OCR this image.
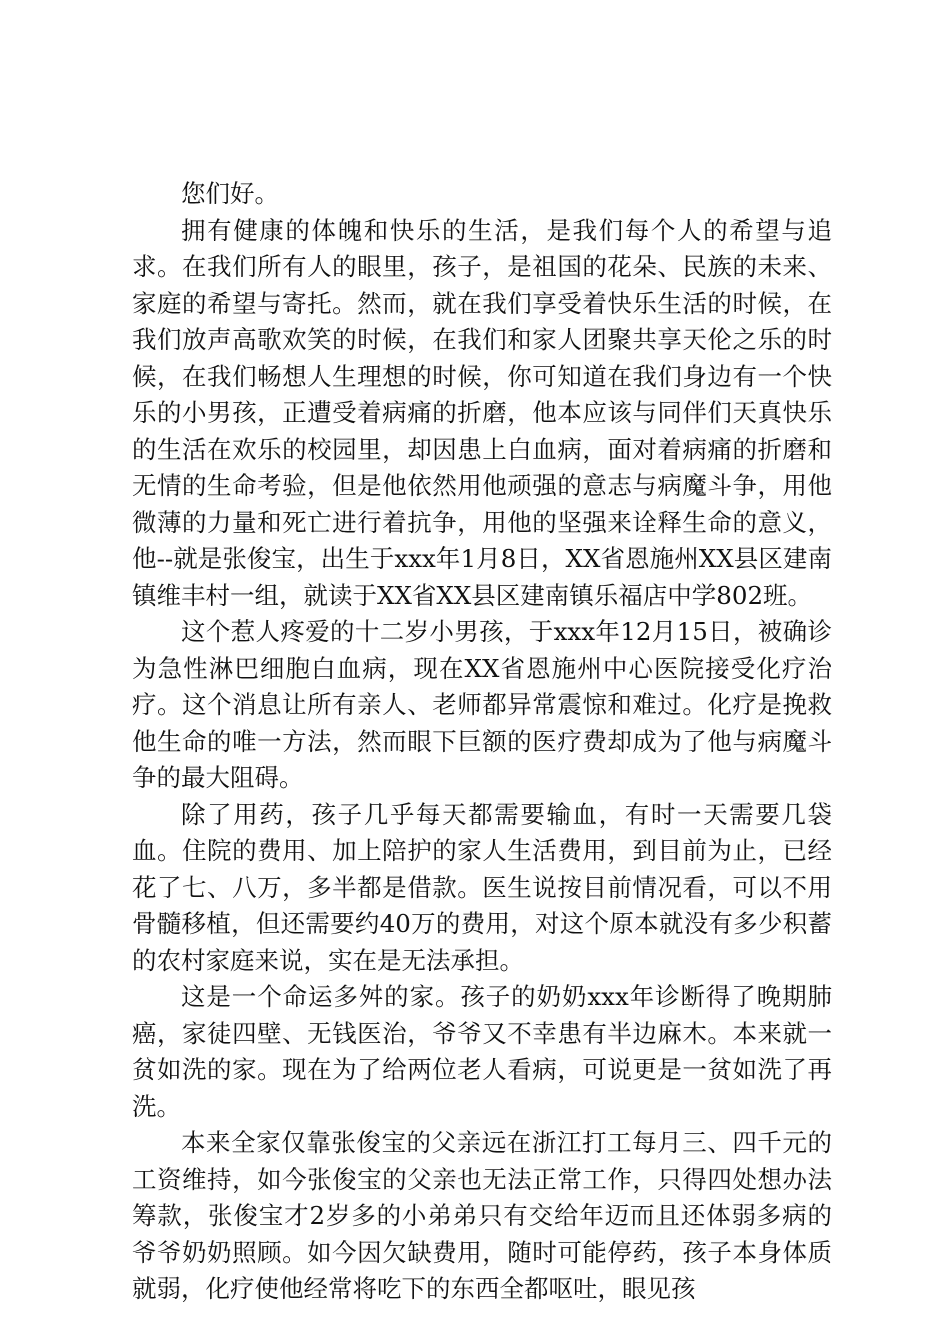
您们好。

拥有健康的体魄和快乐的生活，是我们每个人的希望与追求。在我们所有人的眼里，孩子，是祖国的花朵、民族的未来、家庭的希望与寄托。然而，就在我们享受着快乐生活的时候，在我们放声高歌欢笑的时候，在我们和家人团聚共享天伦之乐的时候，在我们畅想人生理想的时候，你可知道在我们身边有一个快乐的小男孩，正遭受着病痛的折磨，他本应该与同伴们天真快乐的生活在欢乐的校园里，却因患上白血病，面对着病痛的折磨和无情的生命考验，但是他依然用他顽强的意志与病魔斗争，用他微薄的力量和死亡进行着抗争，用他的坚强来诠释生命的意义，他--就是张俊宝，出生于xxx年1月8日，XX省恩施州XX县区建南镇维丰村一组，就读于XX省XX县区建南镇乐福店中学802班。

这个惹人疼爱的十二岁小男孩，于xxx年12月15日，被确诊为急性淋巴细胞白血病，现在XX省恩施州中心医院接受化疗治疗。这个消息让所有亲人、老师都异常震惊和难过。化疗是挽救他生命的唯一方法，然而眼下巨额的医疗费却成为了他与病魔斗争的最大阻碍。

除了用药，孩子几乎每天都需要输血，有时一天需要几袋血。住院的费用、加上陪护的家人生活费用，到目前为止，已经花了七、八万，多半都是借款。医生说按目前情况看，可以不用骨髓移植，但还需要约40万的费用，对这个原本就没有多少积蓄的农村家庭来说，实在是无法承担。

这是一个命运多舛的家。孩子的奶奶xxx年诊断得了晚期肺癌，家徒四壁、无钱医治，爷爷又不幸患有半边麻木。本来就一贫如洗的家。现在为了给两位老人看病，可说更是一贫如洗了再洗。

本来全家仅靠张俊宝的父亲远在浙江打工每月三、四千元的工资维持，如今张俊宝的父亲也无法正常工作，只得四处想办法筹款，张俊宝才2岁多的小弟弟只有交给年迈而且还体弱多病的爷爷奶奶照顾。如今因欠缺费用，随时可能停药，孩子本身体质就弱，化疗使他经常将吃下的东西全都呕吐，眼见孩
